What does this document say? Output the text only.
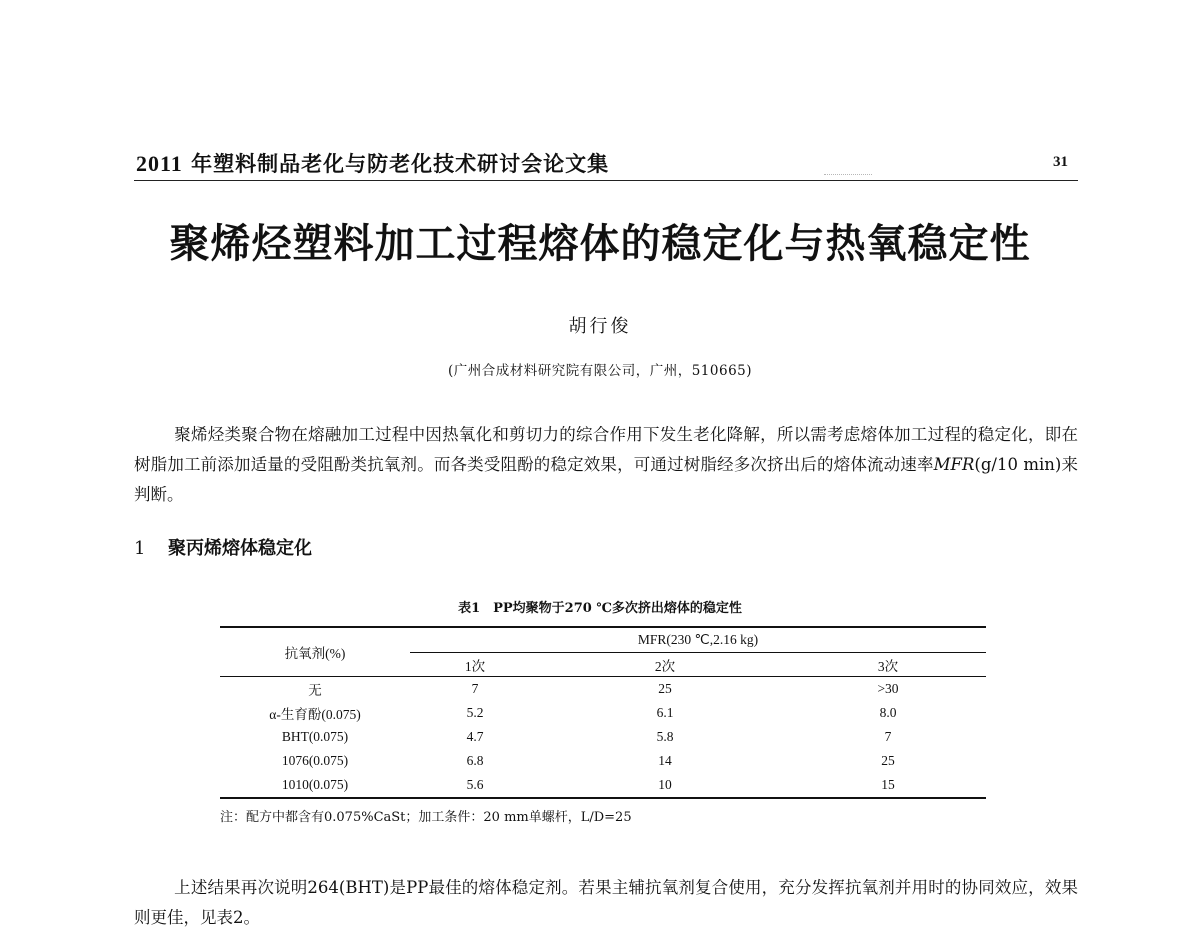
2011 年塑料制品老化与防老化技术研讨会论文集	31
聚烯烃塑料加工过程熔体的稳定化与热氧稳定性
胡行俊
(广州合成材料研究院有限公司，广州，510665)
聚烯烃类聚合物在熔融加工过程中因热氧化和剪切力的综合作用下发生老化降解，所以需考虑熔体加工过程的稳定化，即在树脂加工前添加适量的受阻酚类抗氧剂。而各类受阻酚的稳定效果，可通过树脂经多次挤出后的熔体流动速率MFR(g/10 min)来判断。
1 聚丙烯熔体稳定化
表1　PP均聚物于270 ℃多次挤出熔体的稳定性
抗氧剂(%)	MFR(230 ℃,2.16 kg)		
	1次	2次	3次
无	7	25	>30
α-生育酚(0.075)	5.2	6.1	8.0
BHT(0.075)	4.7	5.8	7
1076(0.075)	6.8	14	25
1010(0.075)	5.6	10	15
注：配方中都含有0.075%CaSt；加工条件：20 mm单螺杆，L/D=25
上述结果再次说明264(BHT)是PP最佳的熔体稳定剂。若果主辅抗氧剂复合使用，充分发挥抗氧剂并用时的协同效应，效果则更佳，见表2。
